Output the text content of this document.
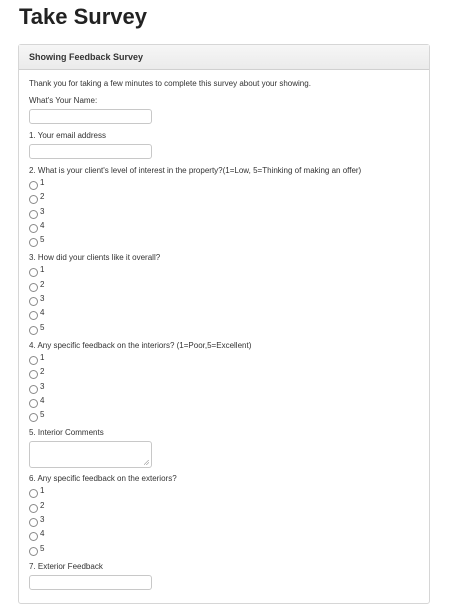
Take Survey
Showing Feedback Survey
Thank you for taking a few minutes to complete this survey about your showing.
What's Your Name:
1. Your email address
2. What is your client's level of interest in the property?(1=Low, 5=Thinking of making an offer)
1
2
3
4
5
3. How did your clients like it overall?
1
2
3
4
5
4. Any specific feedback on the interiors? (1=Poor,5=Excellent)
1
2
3
4
5
5. Interior Comments
6. Any specific feedback on the exteriors?
1
2
3
4
5
7. Exterior Feedback
